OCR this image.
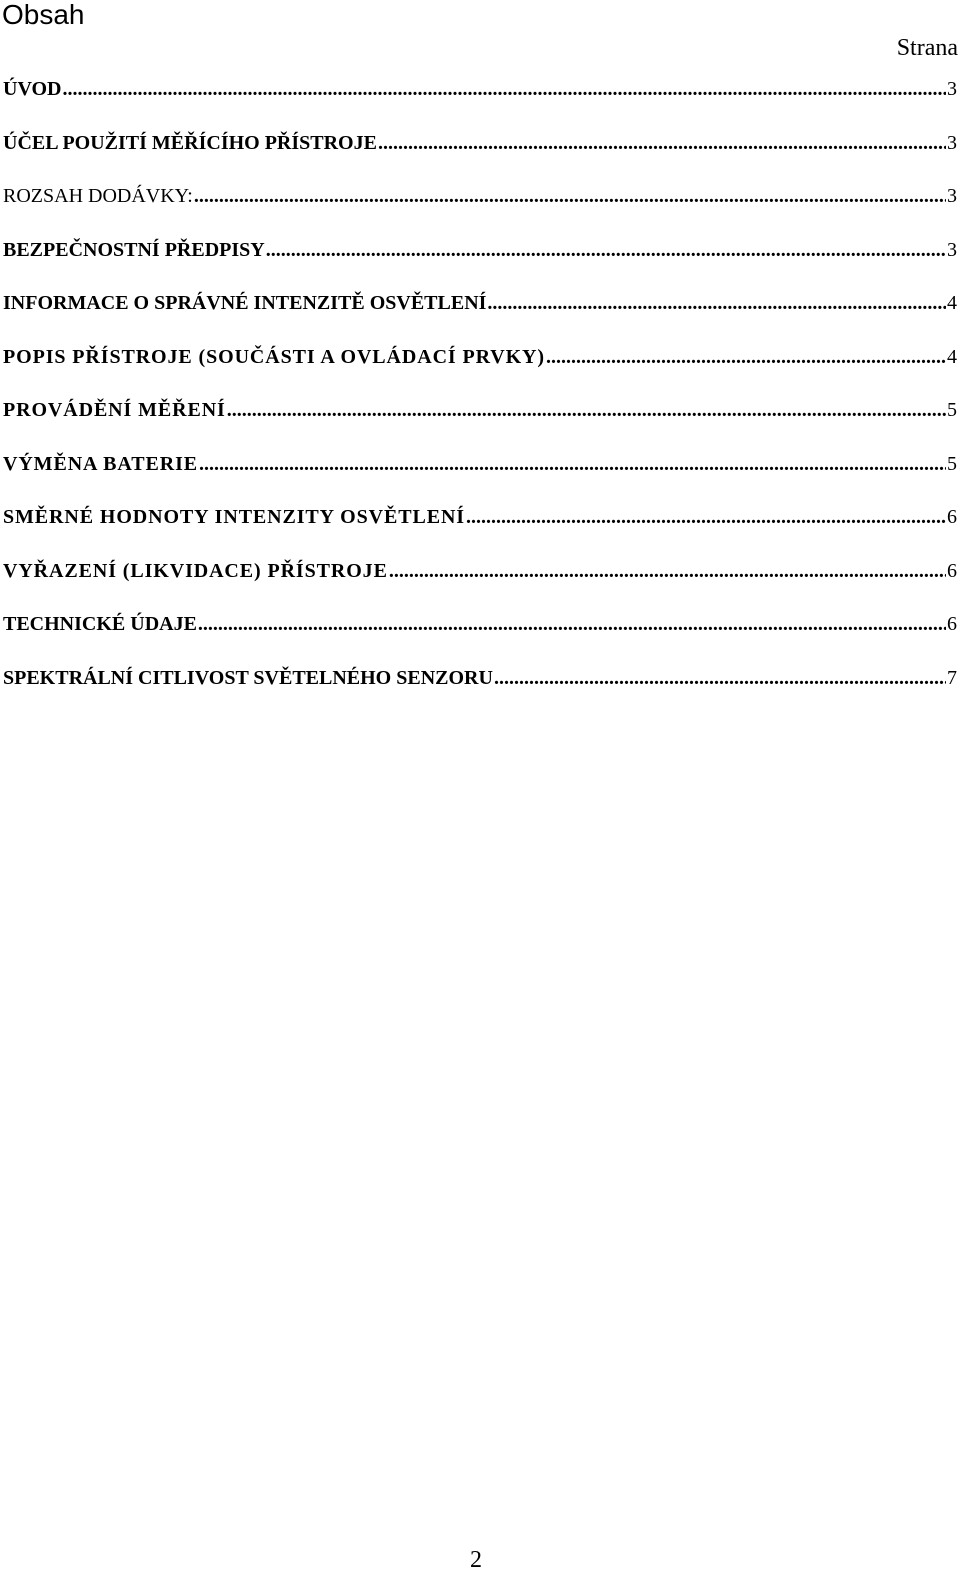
Obsah
Strana
ÚVOD .....	3
ÚČEL POUŽITÍ MĚŘÍCÍHO PŘÍSTROJE .....	3
ROZSAH DODÁVKY: .....	3
BEZPEČNOSTNÍ PŘEDPISY .....	3
INFORMACE O SPRÁVNÉ INTENZITĚ OSVĚTLENÍ .....	4
POPIS PŘÍSTROJE (SOUČÁSTI A OVLÁDACÍ PRVKY) .....	4
PROVÁDĚNÍ MĚŘENÍ .....	5
VÝMĚNA BATERIE .....	5
SMĚRNÉ HODNOTY INTENZITY OSVĚTLENÍ .....	6
VYŘAZENÍ (LIKVIDACE) PŘÍSTROJE .....	6
TECHNICKÉ ÚDAJE .....	6
SPEKTRÁLNÍ CITLIVOST SVĚTELNÉHO SENZORU .....	7
2
